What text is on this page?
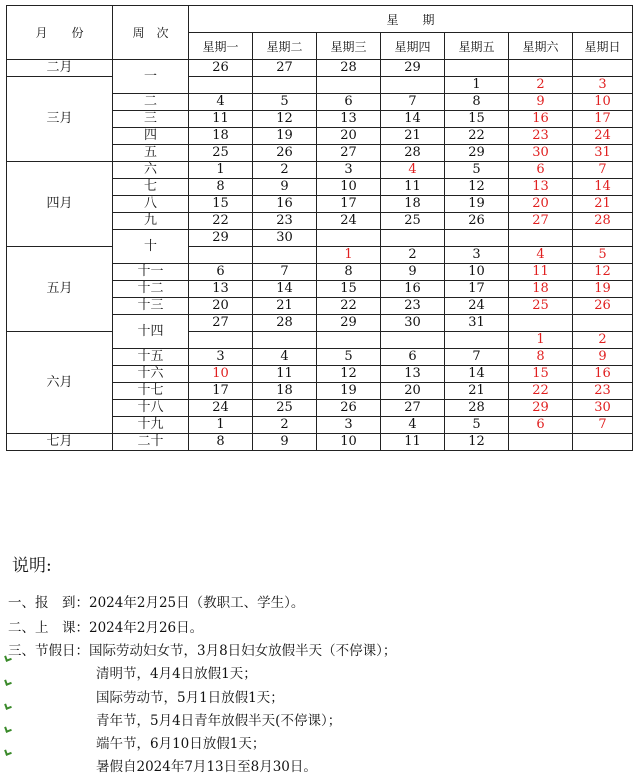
月　　份	周　次	星　　期						
		星期一	星期二	星期三	星期四	星期五	星期六	星期日
二月	一	26	27	28	29			
三月						1	2	3
	二	4	5	6	7	8	9	10
	三	11	12	13	14	15	16	17
	四	18	19	20	21	22	23	24
	五	25	26	27	28	29	30	31
四月	六	1	2	3	4	5	6	7
	七	8	9	10	11	12	13	14
	八	15	16	17	18	19	20	21
	九	22	23	24	25	26	27	28
	十	29	30					
五月				1	2	3	4	5
	十一	6	7	8	9	10	11	12
	十二	13	14	15	16	17	18	19
	十三	20	21	22	23	24	25	26
	十四	27	28	29	30	31		
六月							1	2
	十五	3	4	5	6	7	8	9
	十六	10	11	12	13	14	15	16
	十七	17	18	19	20	21	22	23
	十八	24	25	26	27	28	29	30
	十九	1	2	3	4	5	6	7
七月	二十	8	9	10	11	12		
说明:
一、报　到：2024年2月25日（教职工、学生）。
二、上　课：2024年2月26日。
三、节假日：国际劳动妇女节，3月8日妇女放假半天（不停课）；
清明节，4月4日放假1天；
国际劳动节，5月1日放假1天；
青年节，5月4日青年放假半天(不停课）；
端午节，6月10日放假1天；
暑假自2024年7月13日至8月30日。
